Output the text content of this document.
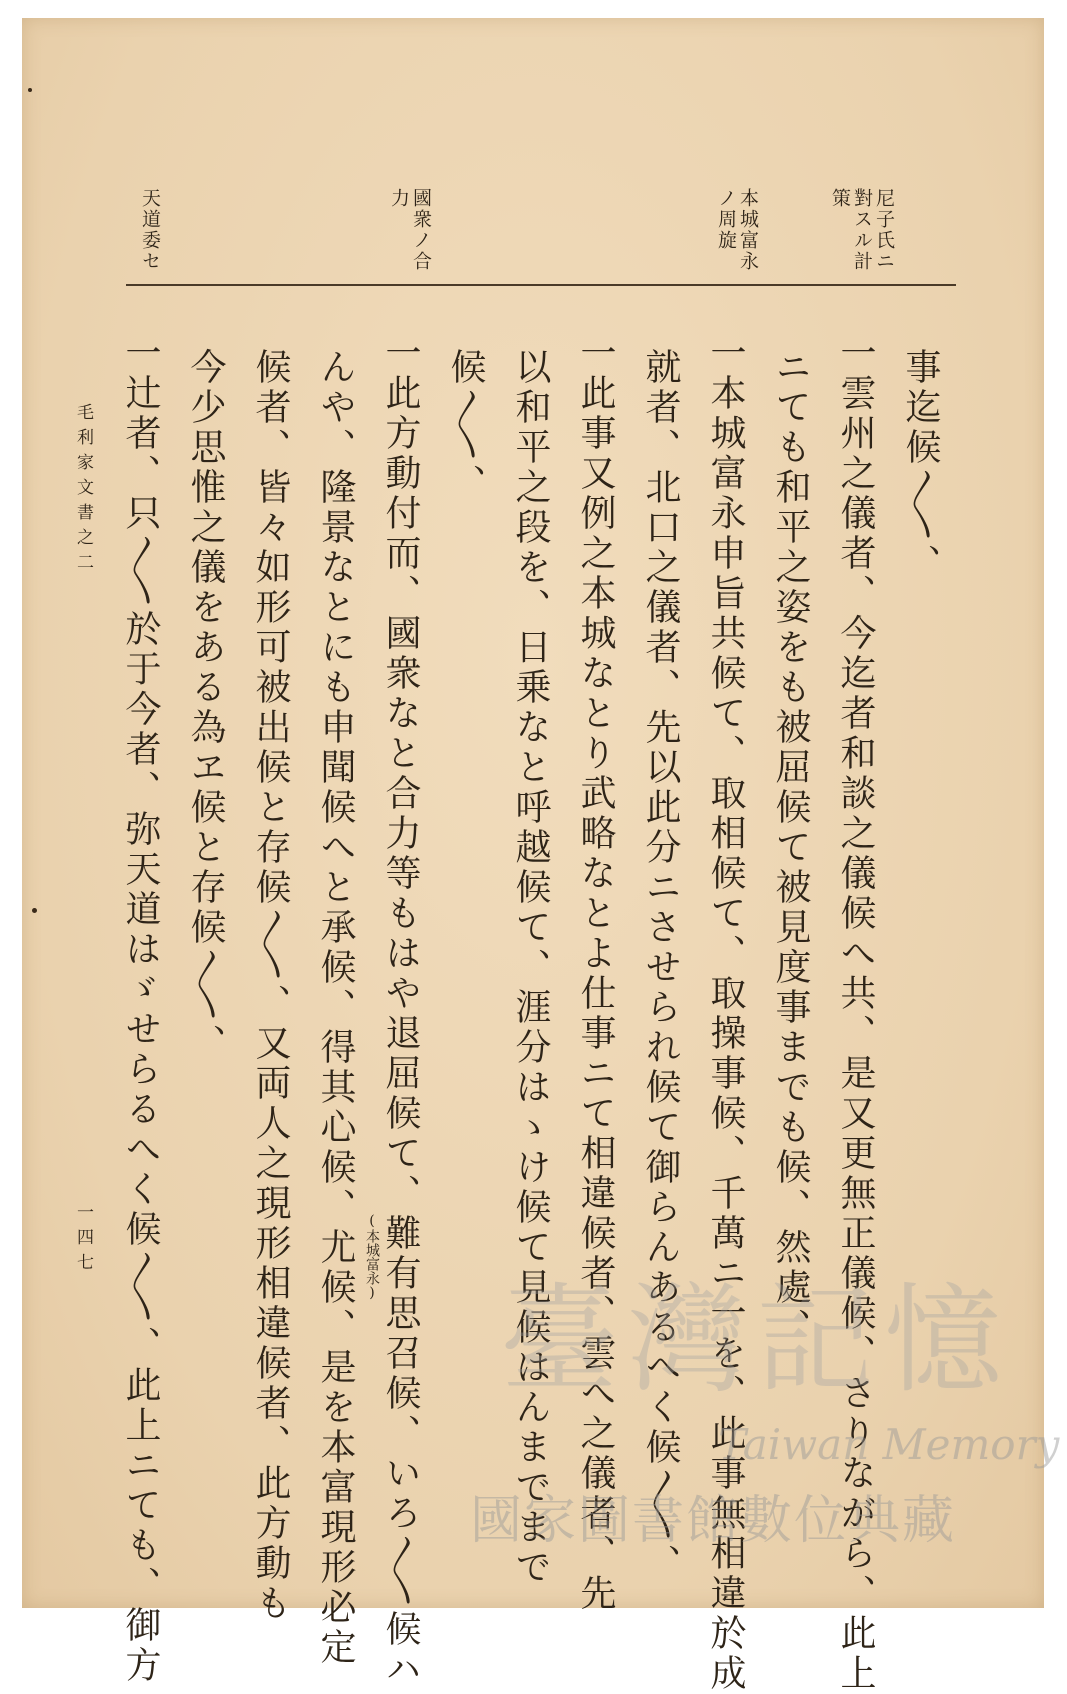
尼子氏ニ
對スル計
策
本城富永
ノ周旋
國衆ノ合
力
天道委セ
事迄候〳〵、
一雲州之儀者、今迄者和談之儀候へ共、是又更無正儀候、さりながら、此上
ニても和平之姿をも被屈候て被見度事までも候、然處、
一本城富永申旨共候て、取相候て、取操事候、千萬ニ一を、此事無相違於成
就者、北口之儀者、先以此分ニさせられ候て御らんあるへく候〳〵、
一此事又例之本城なとり武略なとよ仕事ニて相違候者、雲へ之儀者、先
以和平之段を、日乗なと呼越候て、涯分はゝけ候て見候はんまでまで
候〳〵、
一此方動付而、國衆なと合力等もはや退屈候て、難有思召候、いろ〳〵候ハ
んや、隆景なとにも申聞候へと承候、得其心候、尤候、是を本富現形必定
候者、皆々如形可被出候と存候〳〵、又両人之現形相違候者、此方動も
今少思惟之儀をある為ヱ候と存候〳〵、
一辻者、只〳〵於于今者、弥天道はゞせらるへく候〳〵、此上ニても、御方	(本城富永)
毛利家文書之二
一四七
臺灣記憶
Taiwan Memory
國家圖書館數位典藏
